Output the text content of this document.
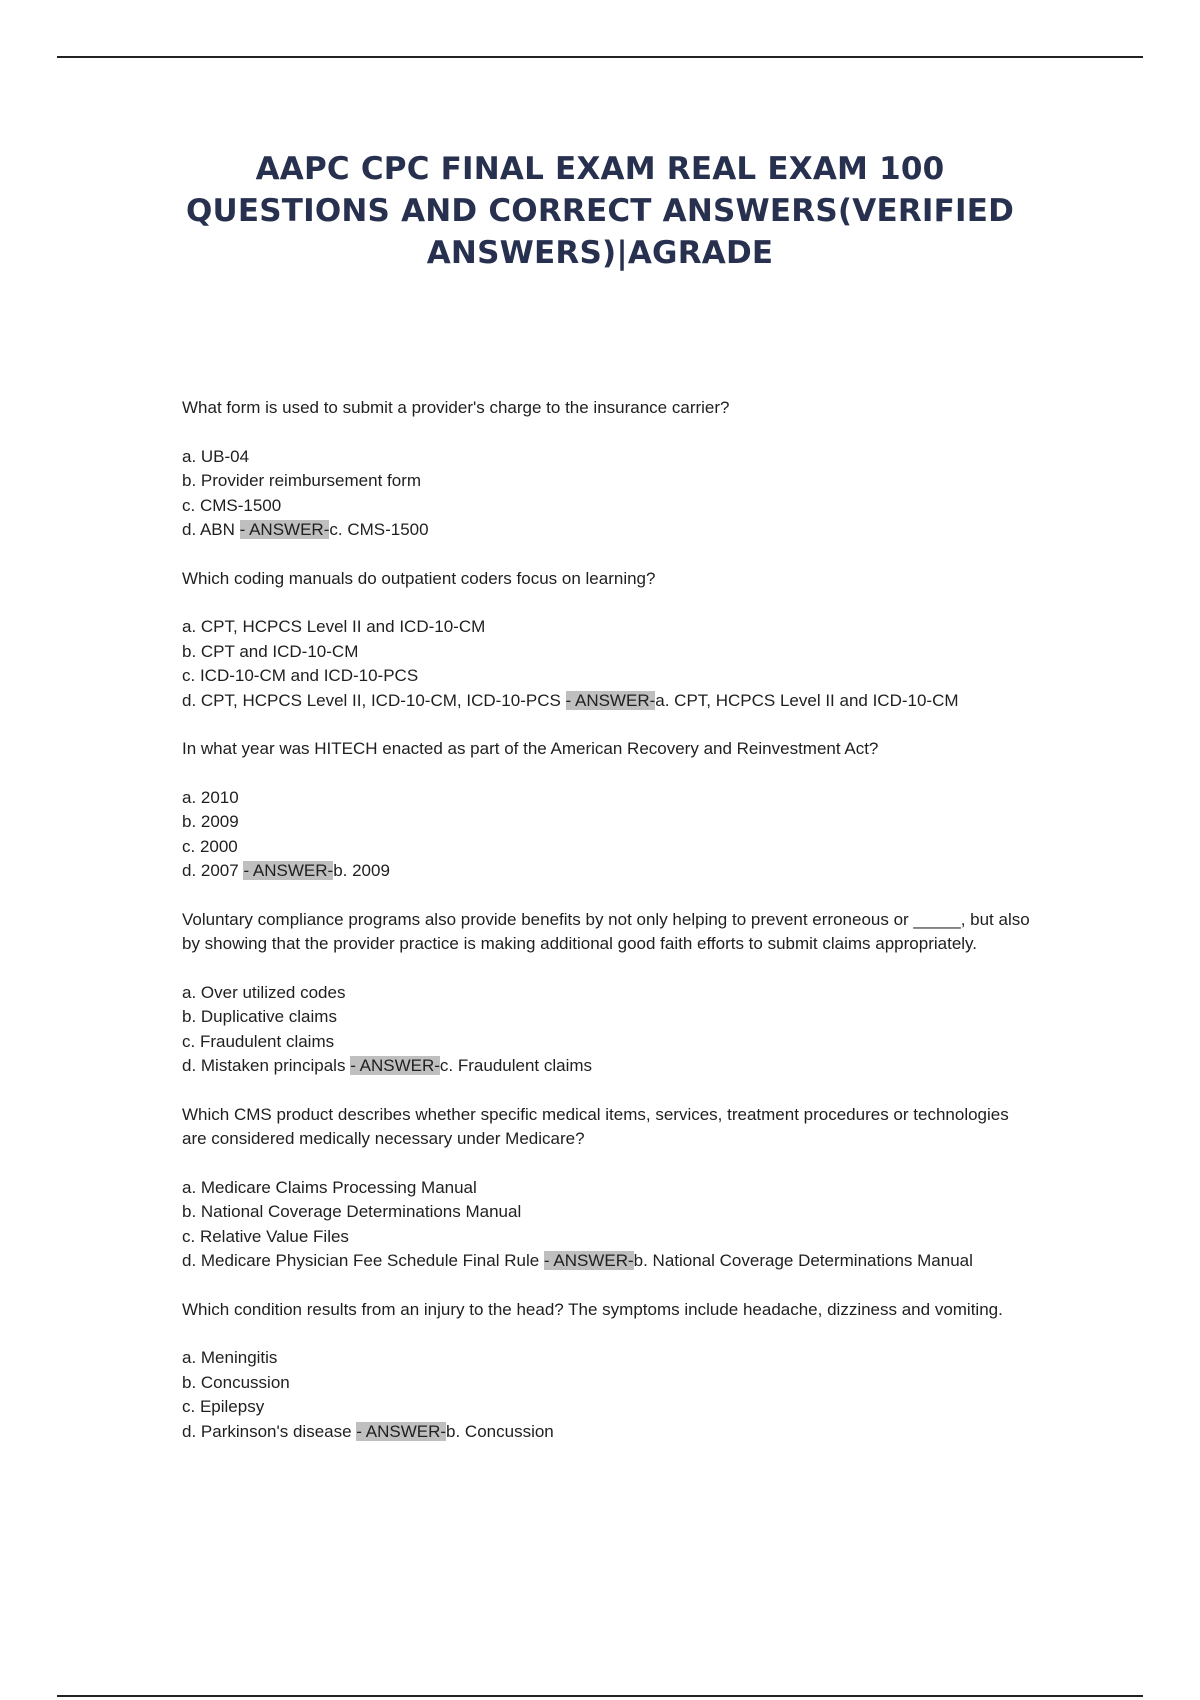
AAPC CPC FINAL EXAM REAL EXAM 100 QUESTIONS AND CORRECT ANSWERS(VERIFIED ANSWERS)|AGRADE

What form is used to submit a provider's charge to the insurance carrier?

a. UB-04
b. Provider reimbursement form
c. CMS-1500
d. ABN - ANSWER-c. CMS-1500

Which coding manuals do outpatient coders focus on learning?

a. CPT, HCPCS Level II and ICD-10-CM
b. CPT and ICD-10-CM
c. ICD-10-CM and ICD-10-PCS
d. CPT, HCPCS Level II, ICD-10-CM, ICD-10-PCS - ANSWER-a. CPT, HCPCS Level II and ICD-10-CM

In what year was HITECH enacted as part of the American Recovery and Reinvestment Act?

a. 2010
b. 2009
c. 2000
d. 2007 - ANSWER-b. 2009

Voluntary compliance programs also provide benefits by not only helping to prevent erroneous or _____, but also by showing that the provider practice is making additional good faith efforts to submit claims appropriately.

a. Over utilized codes
b. Duplicative claims
c. Fraudulent claims
d. Mistaken principals - ANSWER-c. Fraudulent claims

Which CMS product describes whether specific medical items, services, treatment procedures or technologies are considered medically necessary under Medicare?

a. Medicare Claims Processing Manual
b. National Coverage Determinations Manual
c. Relative Value Files
d. Medicare Physician Fee Schedule Final Rule - ANSWER-b. National Coverage Determinations Manual

Which condition results from an injury to the head? The symptoms include headache, dizziness and vomiting.

a. Meningitis
b. Concussion
c. Epilepsy
d. Parkinson's disease - ANSWER-b. Concussion
